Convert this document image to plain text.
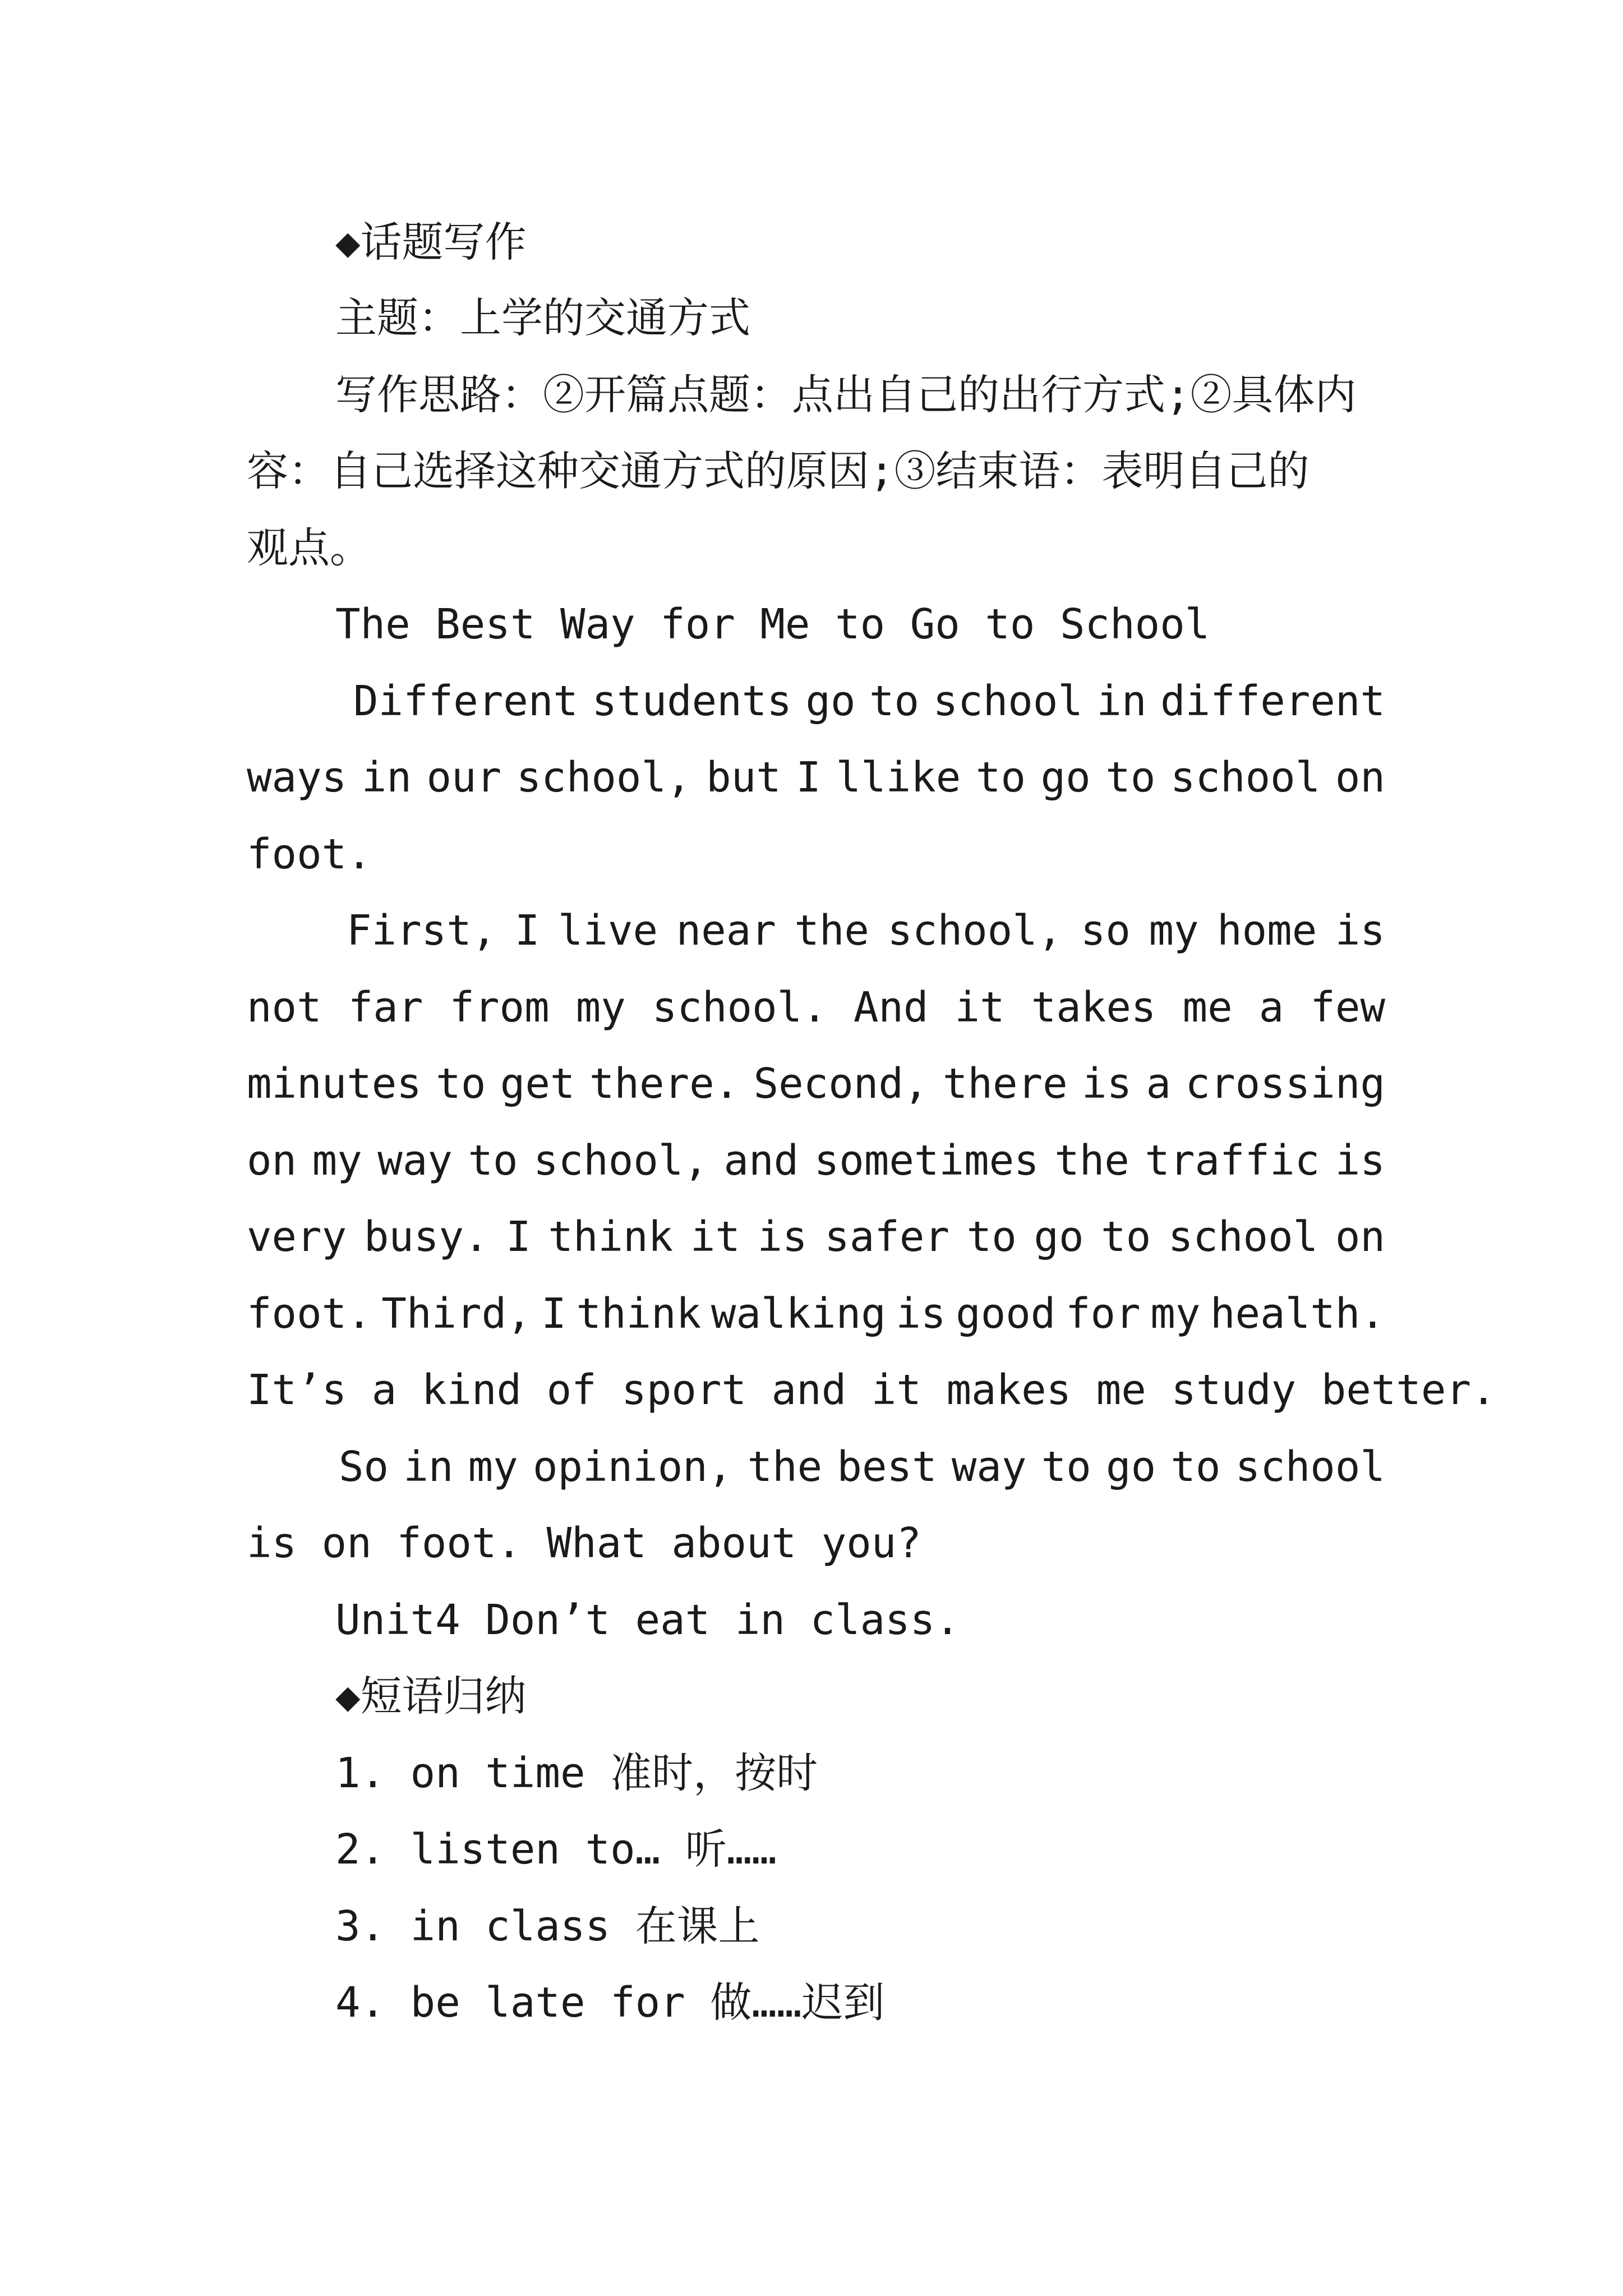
◆话题写作
主题：上学的交通方式
写作思路：②开篇点题：点出自己的出行方式;②具体内
容：自己选择这种交通方式的原因;③结束语：表明自己的
观点。
The Best Way for Me to Go to School
Different students go to school in different
ways in our school, but I llike to go to school on
foot.
First, I live near the school, so my home is
not far from my school. And it takes me a few
minutes to get there. Second, there is a crossing
on my way to school, and sometimes the traffic is
very busy. I think it is safer to go to school on
foot. Third, I think walking is good for my health.
It’s a kind of sport and it makes me study better.
So in my opinion, the best way to go to school
is on foot. What about you?
Unit4 Don’t eat in class.
◆短语归纳
1. on time 准时，按时
2. listen to… 听……
3. in class 在课上
4. be late for 做……迟到
